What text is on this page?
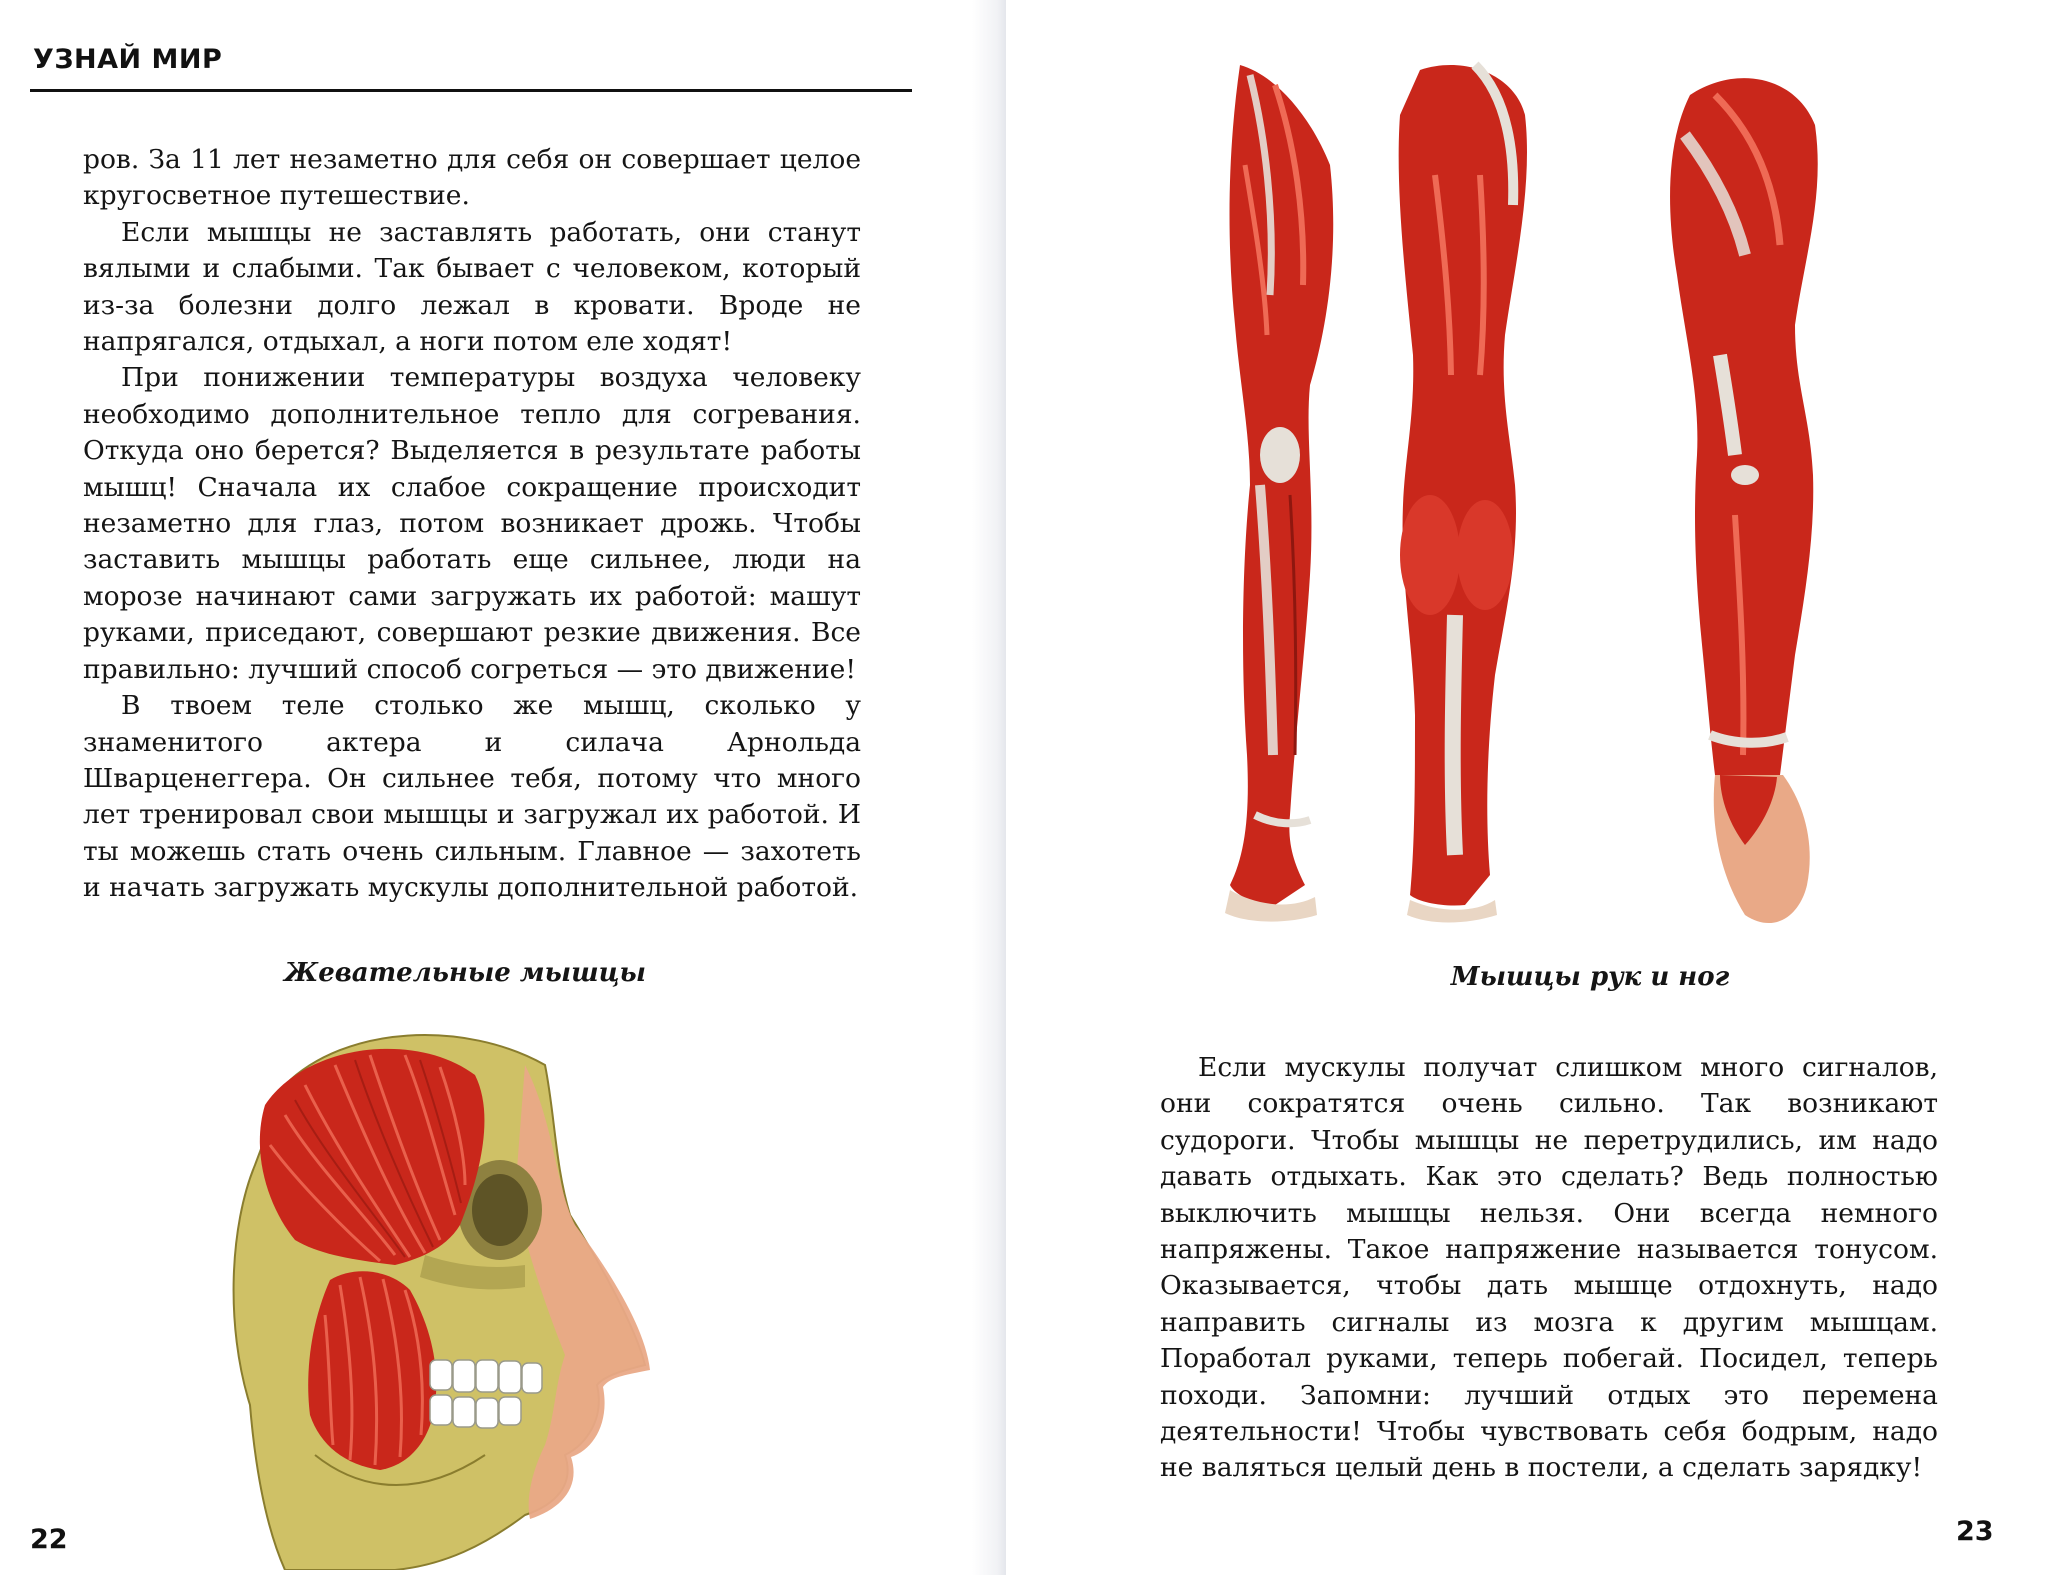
УЗНАЙ МИР

ров. За 11 лет незаметно для себя он совершает целое кругосветное путешествие.

Если мышцы не заставлять работать, они станут вялыми и слабыми. Так бывает с человеком, который из-за болезни долго лежал в кровати. Вроде не напрягался, отдыхал, а ноги потом еле ходят!

При понижении температуры воздуха человеку необходимо дополнительное тепло для согревания. Откуда оно берется? Выделяется в результате работы мышц! Сначала их слабое сокращение происходит незаметно для глаз, потом возникает дрожь. Чтобы заставить мышцы работать еще сильнее, люди на морозе начинают сами загружать их работой: машут руками, приседают, совершают резкие движения. Все правильно: лучший способ согреться — это движение!

В твоем теле столько же мышц, сколько у знаменитого актера и силача Арнольда Шварценеггера. Он сильнее тебя, потому что много лет тренировал свои мышцы и загружал их работой. И ты можешь стать очень сильным. Главное — захотеть и начать загружать мускулы дополнительной работой.

Жевательные мышцы
22
Мышцы рук и ног

Если мускулы получат слишком много сигналов, они сократятся очень сильно. Так возникают судороги. Чтобы мышцы не перетрудились, им надо давать отдыхать. Как это сделать? Ведь полностью выключить мышцы нельзя. Они всегда немного напряжены. Такое напряжение называется тонусом. Оказывается, чтобы дать мышце отдохнуть, надо направить сигналы из мозга к другим мышцам. Поработал руками, теперь побегай. Посидел, теперь походи. Запомни: лучший отдых это перемена деятельности! Чтобы чувствовать себя бодрым, надо не валяться целый день в постели, а сделать зарядку!

23
